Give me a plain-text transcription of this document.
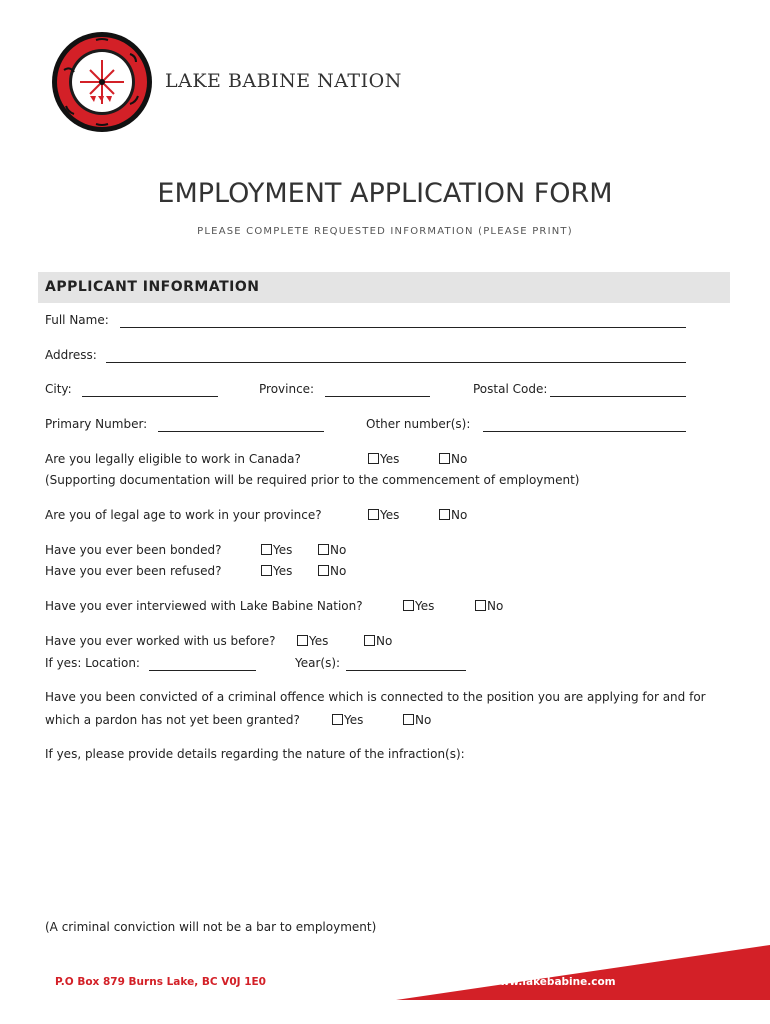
LAKE BABINE NATION
EMPLOYMENT APPLICATION FORM
PLEASE COMPLETE REQUESTED INFORMATION (PLEASE PRINT)
APPLICANT INFORMATION
Full Name:
Address:
City:	Province:	Postal Code:
Primary Number:	Other number(s):
Are you legally eligible to work in Canada?	Yes	No
(Supporting documentation will be required prior to the commencement of employment)
Are you of legal age to work in your province?	Yes	No
Have you ever been bonded?	Yes	No
Have you ever been refused?	Yes	No
Have you ever interviewed with Lake Babine Nation?	Yes	No
Have you ever worked with us before?	Yes	No
If yes: Location:	Year(s):
Have you been convicted of a criminal offence which is connected to the position you are applying for and for
which a pardon has not yet been granted?	Yes	No
If yes, please provide details regarding the nature of the infraction(s):
(A criminal conviction will not be a bar to employment)
P.O Box 879 Burns Lake, BC V0J 1E0	www.lakebabine.com
